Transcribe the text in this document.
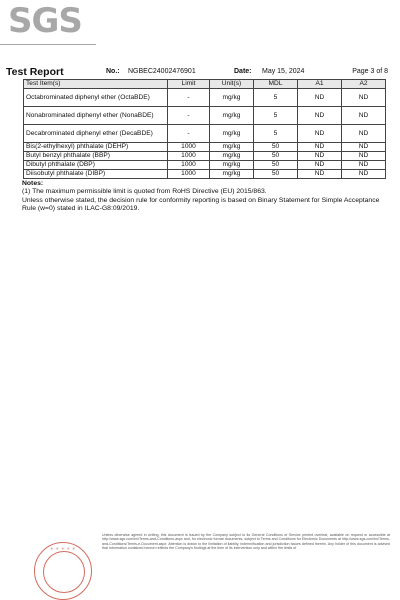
SGS
Test Report	No.: NGBEC24002476901	Date: May 15, 2024	Page 3 of 8
Test Item(s)	Limit	Unit(s)	MDL	A1	A2
Octabrominated diphenyl ether (OctaBDE)	-	mg/kg	5	ND	ND
Nonabrominated diphenyl ether (NonaBDE)	-	mg/kg	5	ND	ND
Decabrominated diphenyl ether (DecaBDE)	-	mg/kg	5	ND	ND
Bis(2-ethylhexyl) phthalate (DEHP)	1000	mg/kg	50	ND	ND
Butyl benzyl phthalate (BBP)	1000	mg/kg	50	ND	ND
Dibutyl phthalate (DBP)	1000	mg/kg	50	ND	ND
Diisobutyl phthalate (DIBP)	1000	mg/kg	50	ND	ND

Notes:

(1) The maximum permissible limit is quoted from RoHS Directive (EU) 2015/863.

Unless otherwise stated, the decision rule for conformity reporting is based on Binary Statement for Simple Acceptance Rule (w=0) stated in ILAC-G8:09/2019.

✳ ✳ ✳ ✳ ✳
Unless otherwise agreed in writing, this document is issued by the Company subject to its General Conditions of Service printed overleaf, available on request or accessible at http://www.sgs.com/en/Terms-and-Conditions.aspx and, for electronic format documents, subject to Terms and Conditions for Electronic Documents at http://www.sgs.com/en/Terms-and-Conditions/Terms-e-Document.aspx. Attention is drawn to the limitation of liability, indemnification and jurisdiction issues defined therein. Any holder of this document is advised that information contained hereon reflects the Company's findings at the time of its intervention only and within the limits of
